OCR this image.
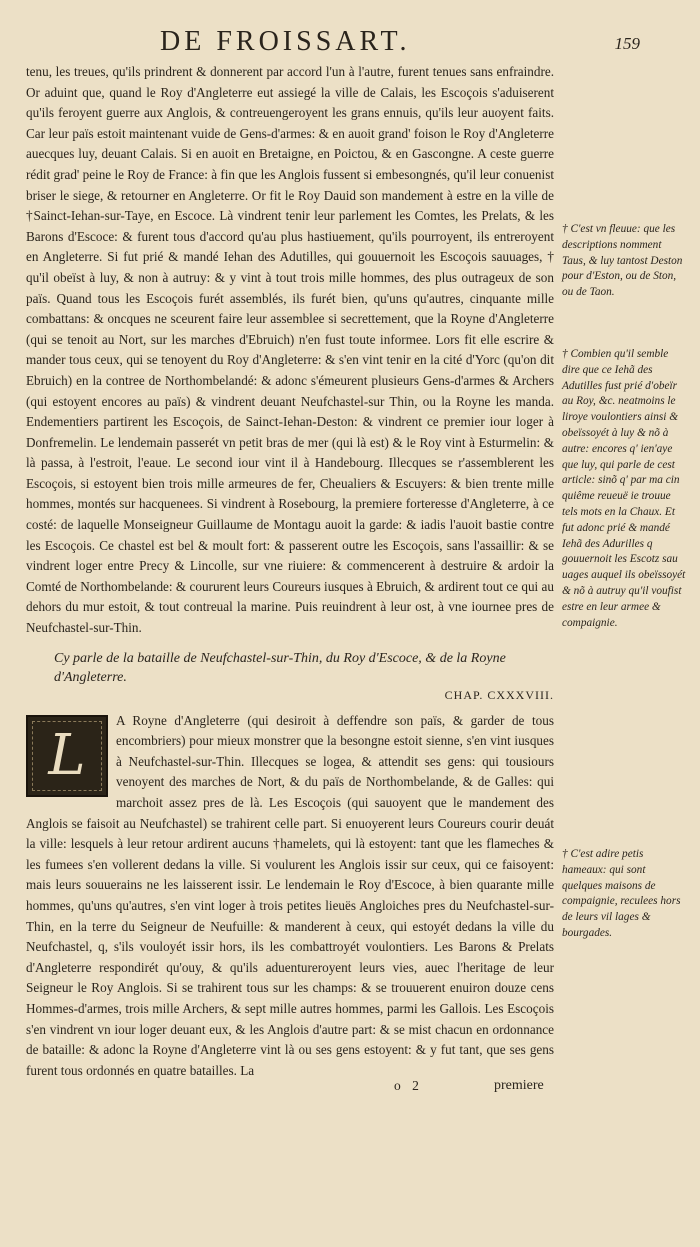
DE FROISSART.	159

tenu, les treues, qu'ils prindrent & donnerent par accord l'un à l'autre, furent tenues sans enfraindre. Or aduint que, quand le Roy d'Angleterre eut assiegé la ville de Calais, les Escoçois s'aduiserent qu'ils feroyent guerre aux Anglois, & contreuengeroyent les grans ennuis, qu'ils leur auoyent faits. Car leur païs estoit maintenant vuide de Gens-d'armes: & en auoit grand' foison le Roy d'Angleterre auecques luy, deuant Calais. Si en auoit en Bretaigne, en Poictou, & en Gascongne. A ceste guerre rédit grad' peine le Roy de France: à fin que les Anglois fussent si embesongnés, qu'il leur conuenist briser le siege, & retourner en Angleterre. Or fit le Roy Dauid son mandement à estre en la ville de †Sainct-Iehan-sur-Taye, en Escoce. Là vindrent tenir leur parlement les Comtes, les Prelats, & les Barons d'Escoce: & furent tous d'accord qu'au plus hastiuement, qu'ils pourroyent, ils entreroyent en Angleterre. Si fut prié & mandé Iehan des Adutilles, qui gouuernoit les Escoçois sauuages, † qu'il obeïst à luy, & non à autruy: & y vint à tout trois mille hommes, des plus outrageux de son païs. Quand tous les Escoçois furét assemblés, ils furét bien, qu'uns qu'autres, cinquante mille combattans: & oncques ne sceurent faire leur assemblee si secrettement, que la Royne d'Angleterre (qui se tenoit au Nort, sur les marches d'Ebruich) n'en fust toute informee. Lors fit elle escrire & mander tous ceux, qui se tenoyent du Roy d'Angleterre: & s'en vint tenir en la cité d'Yorc (qu'on dit Ebruich) en la contree de Northombelandé: & adonc s'émeurent plusieurs Gens-d'armes & Archers (qui estoyent encores au païs) & vindrent deuant Neufchastel-sur Thin, ou la Royne les manda. Endementiers partirent les Escoçois, de Sainct-Iehan-Deston: & vindrent ce premier iour loger à Donfremelin. Le lendemain passerét vn petit bras de mer (qui là est) & le Roy vint à Esturmelin: & là passa, à l'estroit, l'eaue. Le second iour vint il à Handebourg. Illecques se r'assemblerent les Escoçois, si estoyent bien trois mille armeures de fer, Cheualiers & Escuyers: & bien trente mille hommes, montés sur hacquenees. Si vindrent à Rosebourg, la premiere forteresse d'Angleterre, à ce costé: de laquelle Monseigneur Guillaume de Montagu auoit la garde: & iadis l'auoit bastie contre les Escoçois. Ce chastel est bel & moult fort: & passerent outre les Escoçois, sans l'assaillir: & se vindrent loger entre Precy & Lincolle, sur vne riuiere: & commencerent à destruire & ardoir la Comté de Northombelande: & coururent leurs Coureurs iusques à Ebruich, & ardirent tout ce qui au dehors du mur estoit, & tout contreual la marine. Puis reuindrent à leur ost, à vne iournee pres de Neufchastel-sur-Thin.

Cy parle de la bataille de Neufchastel-sur-Thin, du Roy d'Escoce, & de la Royne d'Angleterre.
CHAP. CXXXVIII.
L

A Royne d'Angleterre (qui desiroit à deffendre son païs, & garder de tous encombriers) pour mieux monstrer que la besongne estoit sienne, s'en vint iusques à Neufchastel-sur-Thin. Illecques se logea, & attendit ses gens: qui tousiours venoyent des marches de Nort, & du païs de Northombelande, & de Galles: qui marchoit assez pres de là. Les Escoçois (qui sauoyent que le mandement des Anglois se faisoit au Neufchastel) se trahirent celle part. Si enuoyerent leurs Coureurs courir deuát la ville: lesquels à leur retour ardirent aucuns †hamelets, qui là estoyent: tant que les flameches & les fumees s'en vollerent dedans la ville. Si voulurent les Anglois issir sur ceux, qui ce faisoyent: mais leurs souuerains ne les laisserent issir. Le lendemain le Roy d'Escoce, à bien quarante mille hommes, qu'uns qu'autres, s'en vint loger à trois petites lieuës Angloiches pres du Neufchastel-sur-Thin, en la terre du Seigneur de Neufuille: & manderent à ceux, qui estoyét dedans la ville du Neufchastel, q, s'ils vouloyét issir hors, ils les combattroyét voulontiers. Les Barons & Prelats d'Angleterre respondirét qu'ouy, & qu'ils aduentureroyent leurs vies, auec l'heritage de leur Seigneur le Roy Anglois. Si se trahirent tous sur les champs: & se trouuerent enuiron douze cens Hommes-d'armes, trois mille Archers, & sept mille autres hommes, parmi les Gallois. Les Escoçois s'en vindrent vn iour loger deuant eux, & les Anglois d'autre part: & se mist chacun en ordonnance de bataille: & adonc la Royne d'Angleterre vint là ou ses gens estoyent: & y fut tant, que ses gens furent tous ordonnés en quatre batailles. La

† C'est vn fleuue: que les descriptions nomment Taus, & luy tantost Deston pour d'Eston, ou de Ston, ou de Taon.
† Combien qu'il semble dire que ce Iehã des Adutilles fust prié d'obeïr au Roy, &c. neatmoins le liroye voulontiers ainsi & obeïssoyét à luy & nõ à autre: encores q' ien'aye que luy, qui parle de cest article: sinõ q' par ma cin quiême reueuë ie trouue tels mots en la Chaux. Et fut adonc prié & mandé Iehã des Adurilles q gouuernoit les Escotz sau uages auquel ils obeïssoyét & nõ à autruy qu'il voufist estre en leur armee & compaignie.
† C'est adire petis hameaux: qui sont quelques maisons de compaignie, reculees hors de leurs vil lages & bourgades.
o 2	premiere
